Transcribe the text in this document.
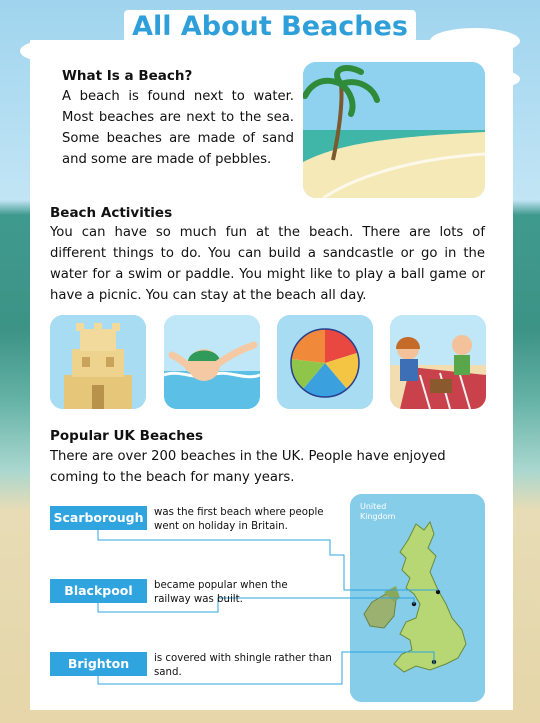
All About Beaches
What Is a Beach?

A beach is found next to water. Most beaches are next to the sea. Some beaches are made of sand and some are made of pebbles.

Beach Activities

You can have so much fun at the beach. There are lots of different things to do. You can build a sandcastle or go in the water for a swim or paddle. You might like to play a ball game or have a picnic. You can stay at the beach all day.

Popular UK Beaches

There are over 200 beaches in the UK. People have enjoyed coming to the beach for many years.

United Kingdom
Scarborough	was the first beach where people went on holiday in Britain.
Blackpool	became popular when the railway was built.
Brighton	is covered with shingle rather than sand.
